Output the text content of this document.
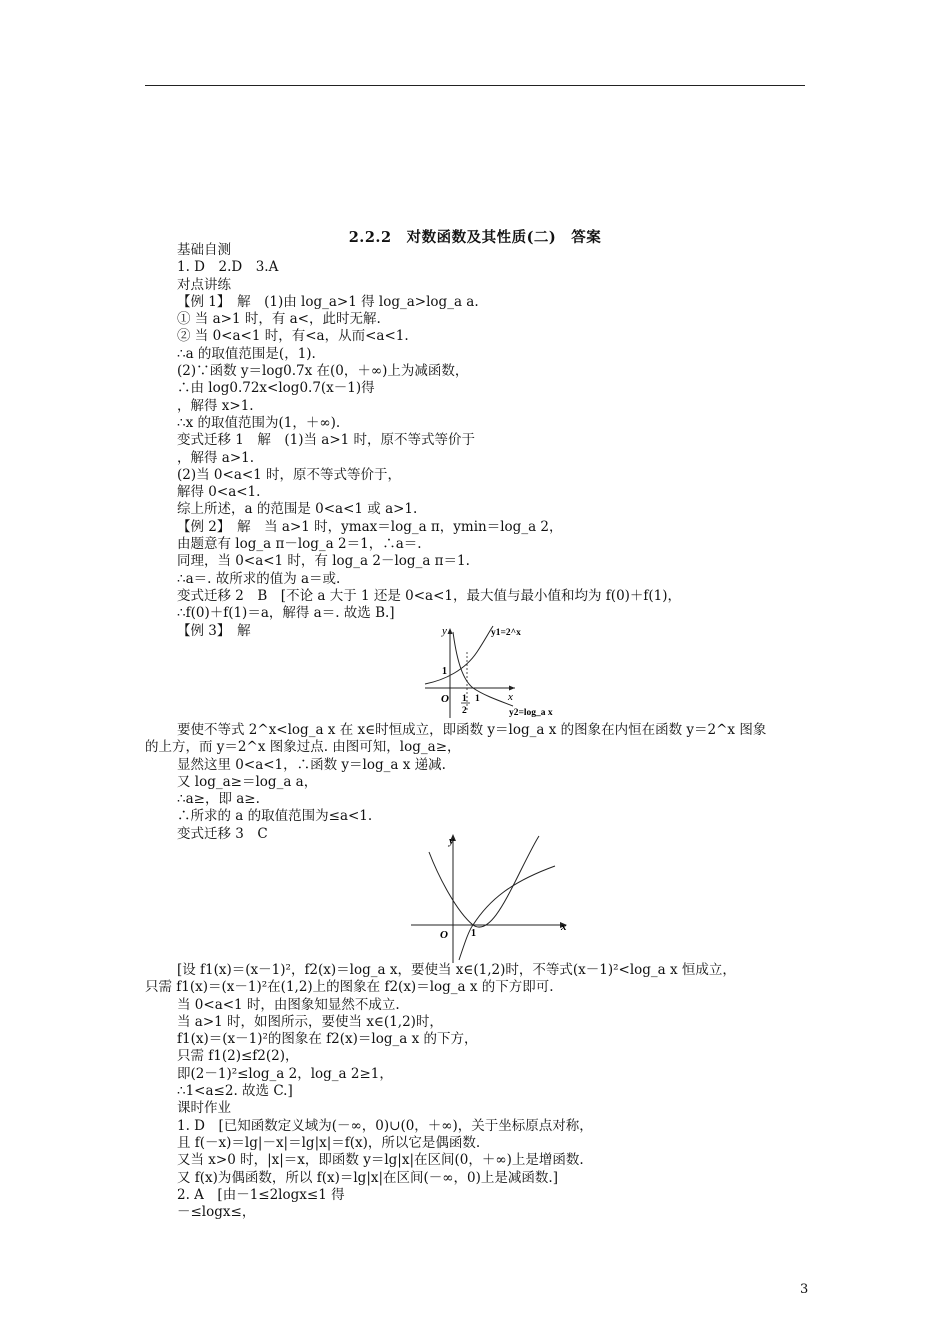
2.2.2　对数函数及其性质(二)　答案
基础自测
1. D　2.D　3.A
对点讲练
【例 1】　解　(1)由 log_a>1 得 log_a>log_a a.
① 当 a>1 时，有 a<，此时无解.
② 当 0<a<1 时，有<a，从而<a<1.
∴a 的取值范围是(，1).
(2)∵函数 y＝log0.7x 在(0，＋∞)上为减函数，
∴由 log0.72x<log0.7(x－1)得
，解得 x>1.
∴x 的取值范围为(1，＋∞).
变式迁移 1　解　(1)当 a>1 时，原不等式等价于
，解得 a>1.
(2)当 0<a<1 时，原不等式等价于，
解得 0<a<1.
综上所述，a 的范围是 0<a<1 或 a>1.
【例 2】　解　当 a>1 时，ymax＝log_a π，ymin＝log_a 2，
由题意有 log_a π－log_a 2＝1，∴a＝.
同理，当 0<a<1 时，有 log_a 2－log_a π＝1.
∴a＝. 故所求的值为 a＝或.
变式迁移 2　B　[不论 a 大于 1 还是 0<a<1，最大值与最小值和均为 f(0)＋f(1)，
∴f(0)＋f(1)＝a，解得 a＝. 故选 B.]
【例 3】　解	y
x
y1=2^x
y2=log_a x
O
1
1
2
1
要使不等式 2^x<log_a x 在 x∈时恒成立，即函数 y＝log_a x 的图象在内恒在函数 y＝2^x 图象
的上方，而 y＝2^x 图象过点. 由图可知，log_a≥，
显然这里 0<a<1，∴函数 y＝log_a x 递减.
又 log_a≥＝log_a a，
∴a≥，即 a≥.
∴所求的 a 的取值范围为≤a<1.
变式迁移 3　C	y
x
O 1
[设 f1(x)＝(x－1)²，f2(x)＝log_a x，要使当 x∈(1,2)时，不等式(x－1)²<log_a x 恒成立，
只需 f1(x)＝(x－1)²在(1,2)上的图象在 f2(x)＝log_a x 的下方即可.
当 0<a<1 时，由图象知显然不成立.
当 a>1 时，如图所示，要使当 x∈(1,2)时，
f1(x)＝(x－1)²的图象在 f2(x)＝log_a x 的下方，
只需 f1(2)≤f2(2)，
即(2－1)²≤log_a 2，log_a 2≥1，
∴1<a≤2. 故选 C.]
课时作业
1. D　[已知函数定义域为(－∞，0)∪(0，＋∞)，关于坐标原点对称，
且 f(－x)＝lg|－x|＝lg|x|＝f(x)，所以它是偶函数.
又当 x>0 时，|x|＝x，即函数 y＝lg|x|在区间(0，＋∞)上是增函数.
又 f(x)为偶函数，所以 f(x)＝lg|x|在区间(－∞，0)上是减函数.]
2. A　[由－1≤2logx≤1 得
－≤logx≤，
3
